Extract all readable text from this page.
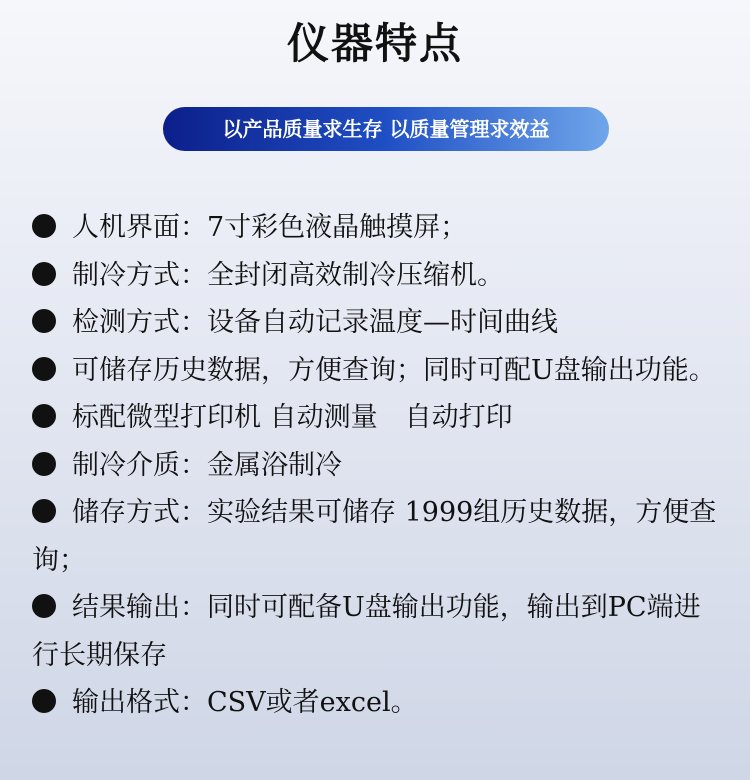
仪器特点
以产品质量求生存 以质量管理求效益
人机界面：7寸彩色液晶触摸屏；
制冷方式：全封闭高效制冷压缩机。
检测方式：设备自动记录温度—时间曲线
可储存历史数据，方便查询；同时可配U盘输出功能。
标配微型打印机 自动测量　自动打印
制冷介质：金属浴制冷
储存方式：实验结果可储存 1999组历史数据，方便查询；
结果输出：同时可配备U盘输出功能，输出到PC端进行长期保存
输出格式：CSV或者excel。
